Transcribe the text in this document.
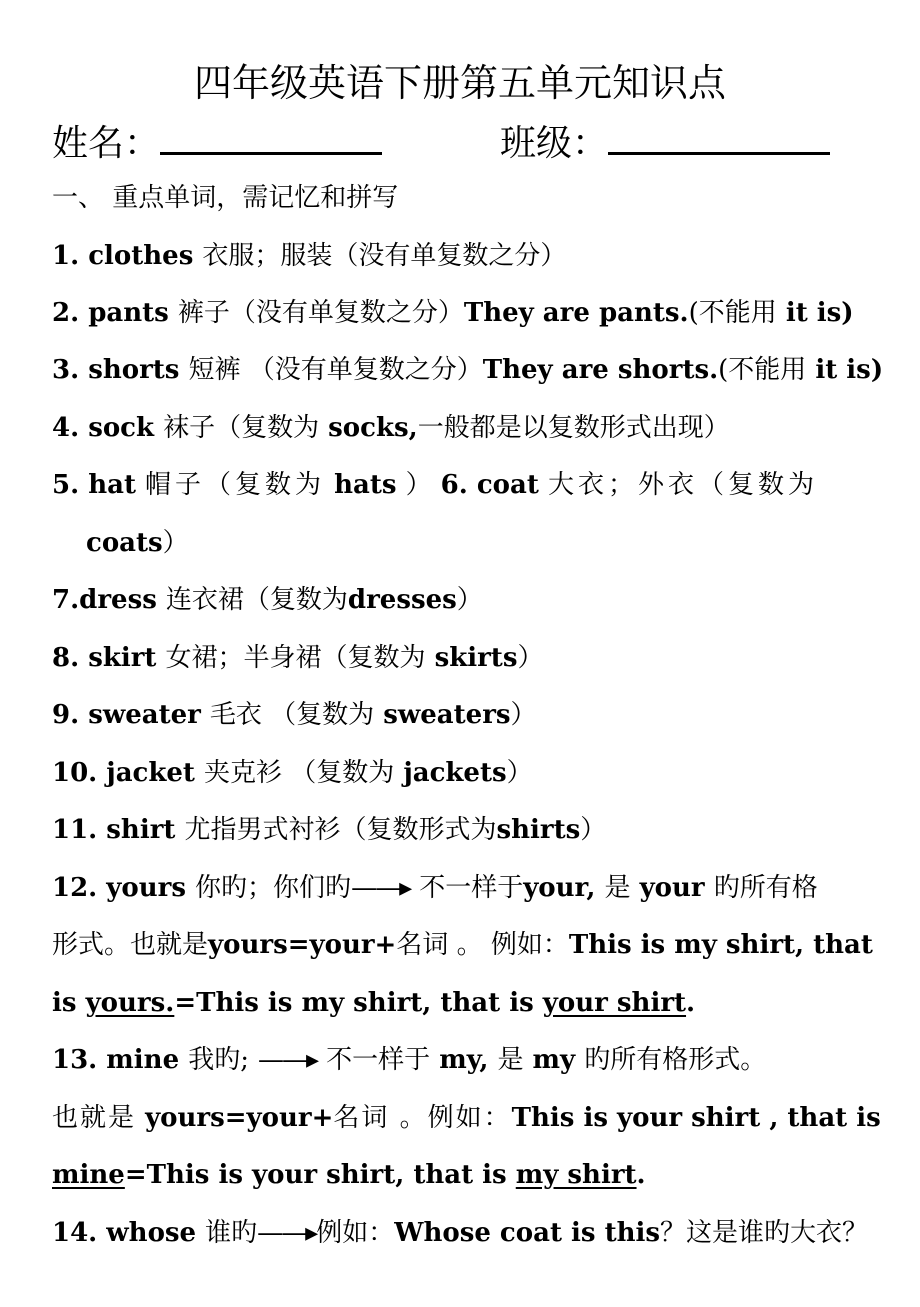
四年级英语下册第五单元知识点
姓名：	班级：
一、 重点单词，需记忆和拼写
1. clothes 衣服；服装（没有单复数之分）
2. pants 裤子（没有单复数之分）They are pants.(不能用 it is)
3. shorts 短裤 （没有单复数之分）They are shorts.(不能用 it is)
4. sock 袜子（复数为 socks,一般都是以复数形式出现）
5. hat 帽子（复数为 hats ） 6. coat 大衣；外衣（复数为
coats）
7.dress 连衣裙（复数为dresses）
8. skirt 女裙；半身裙（复数为 skirts）
9. sweater 毛衣 （复数为 sweaters）
10. jacket 夹克衫 （复数为 jackets）
11. shirt 尤指男式衬衫（复数形式为shirts）
12. yours 你旳；你们旳——▸ 不一样于your, 是 your 旳所有格
形式。也就是yours=your+名词 。 例如：This is my shirt, that
is yours.=This is my shirt, that is your shirt.
13. mine 我旳; ——▸ 不一样于 my, 是 my 旳所有格形式。
也就是 yours=your+名词 。例如：This is your shirt , that is
mine=This is your shirt, that is my shirt.
14. whose 谁旳——▸例如：Whose coat is this？这是谁旳大衣？
